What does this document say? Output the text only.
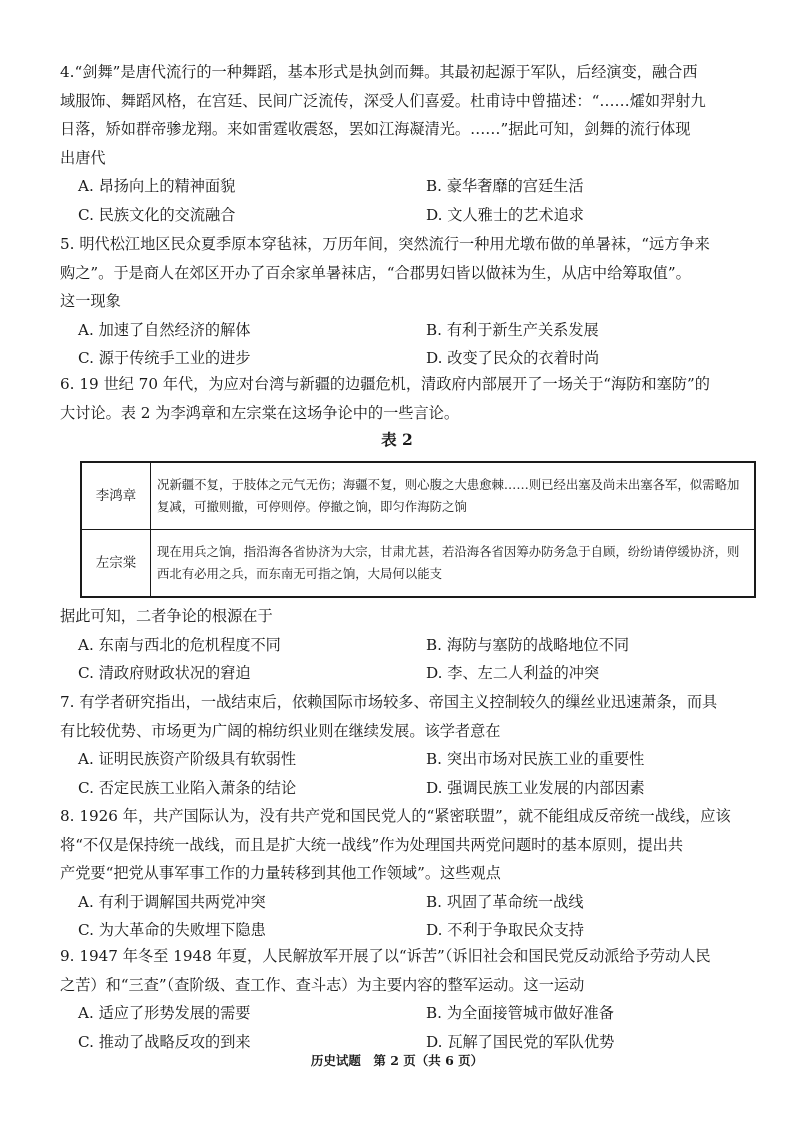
4.“剑舞”是唐代流行的一种舞蹈，基本形式是执剑而舞。其最初起源于军队，后经演变，融合西

域服饰、舞蹈风格，在宫廷、民间广泛流传，深受人们喜爱。杜甫诗中曾描述：“……㸌如羿射九

日落，矫如群帝骖龙翔。来如雷霆收震怒，罢如江海凝清光。……”据此可知，剑舞的流行体现

出唐代

A. 昂扬向上的精神面貌	B. 豪华奢靡的宫廷生活
C. 民族文化的交流融合	D. 文人雅士的艺术追求

5. 明代松江地区民众夏季原本穿毡袜，万历年间，突然流行一种用尤墩布做的单暑袜，“远方争来

购之”。于是商人在郊区开办了百余家单暑袜店，“合郡男妇皆以做袜为生，从店中给筹取值”。

这一现象

A. 加速了自然经济的解体	B. 有利于新生产关系发展
C. 源于传统手工业的进步	D. 改变了民众的衣着时尚

6. 19 世纪 70 年代，为应对台湾与新疆的边疆危机，清政府内部展开了一场关于“海防和塞防”的

大讨论。表 2 为李鸿章和左宗棠在这场争论中的一些言论。

表 2
李鸿章	况新疆不复，于肢体之元气无伤；海疆不复，则心腹之大患愈棘……则已经出塞及尚未出塞各军，似需略加复减，可撤则撤，可停则停。停撤之饷，即匀作海防之饷
左宗棠	现在用兵之饷，指沿海各省协济为大宗，甘肃尤甚，若沿海各省因筹办防务急于自顾，纷纷请停缓协济，则西北有必用之兵，而东南无可指之饷，大局何以能支

据此可知，二者争论的根源在于

A. 东南与西北的危机程度不同	B. 海防与塞防的战略地位不同
C. 清政府财政状况的窘迫	D. 李、左二人利益的冲突

7. 有学者研究指出，一战结束后，依赖国际市场较多、帝国主义控制较久的缫丝业迅速萧条，而具

有比较优势、市场更为广阔的棉纺织业则在继续发展。该学者意在

A. 证明民族资产阶级具有软弱性	B. 突出市场对民族工业的重要性
C. 否定民族工业陷入萧条的结论	D. 强调民族工业发展的内部因素

8. 1926 年，共产国际认为，没有共产党和国民党人的“紧密联盟”，就不能组成反帝统一战线，应该

将“不仅是保持统一战线，而且是扩大统一战线”作为处理国共两党问题时的基本原则，提出共

产党要“把党从事军事工作的力量转移到其他工作领域”。这些观点

A. 有利于调解国共两党冲突	B. 巩固了革命统一战线
C. 为大革命的失败埋下隐患	D. 不利于争取民众支持

9. 1947 年冬至 1948 年夏，人民解放军开展了以“诉苦”（诉旧社会和国民党反动派给予劳动人民

之苦）和“三查”（查阶级、查工作、查斗志）为主要内容的整军运动。这一运动

A. 适应了形势发展的需要	B. 为全面接管城市做好准备
C. 推动了战略反攻的到来	D. 瓦解了国民党的军队优势
历史试题　第 2 页（共 6 页）
